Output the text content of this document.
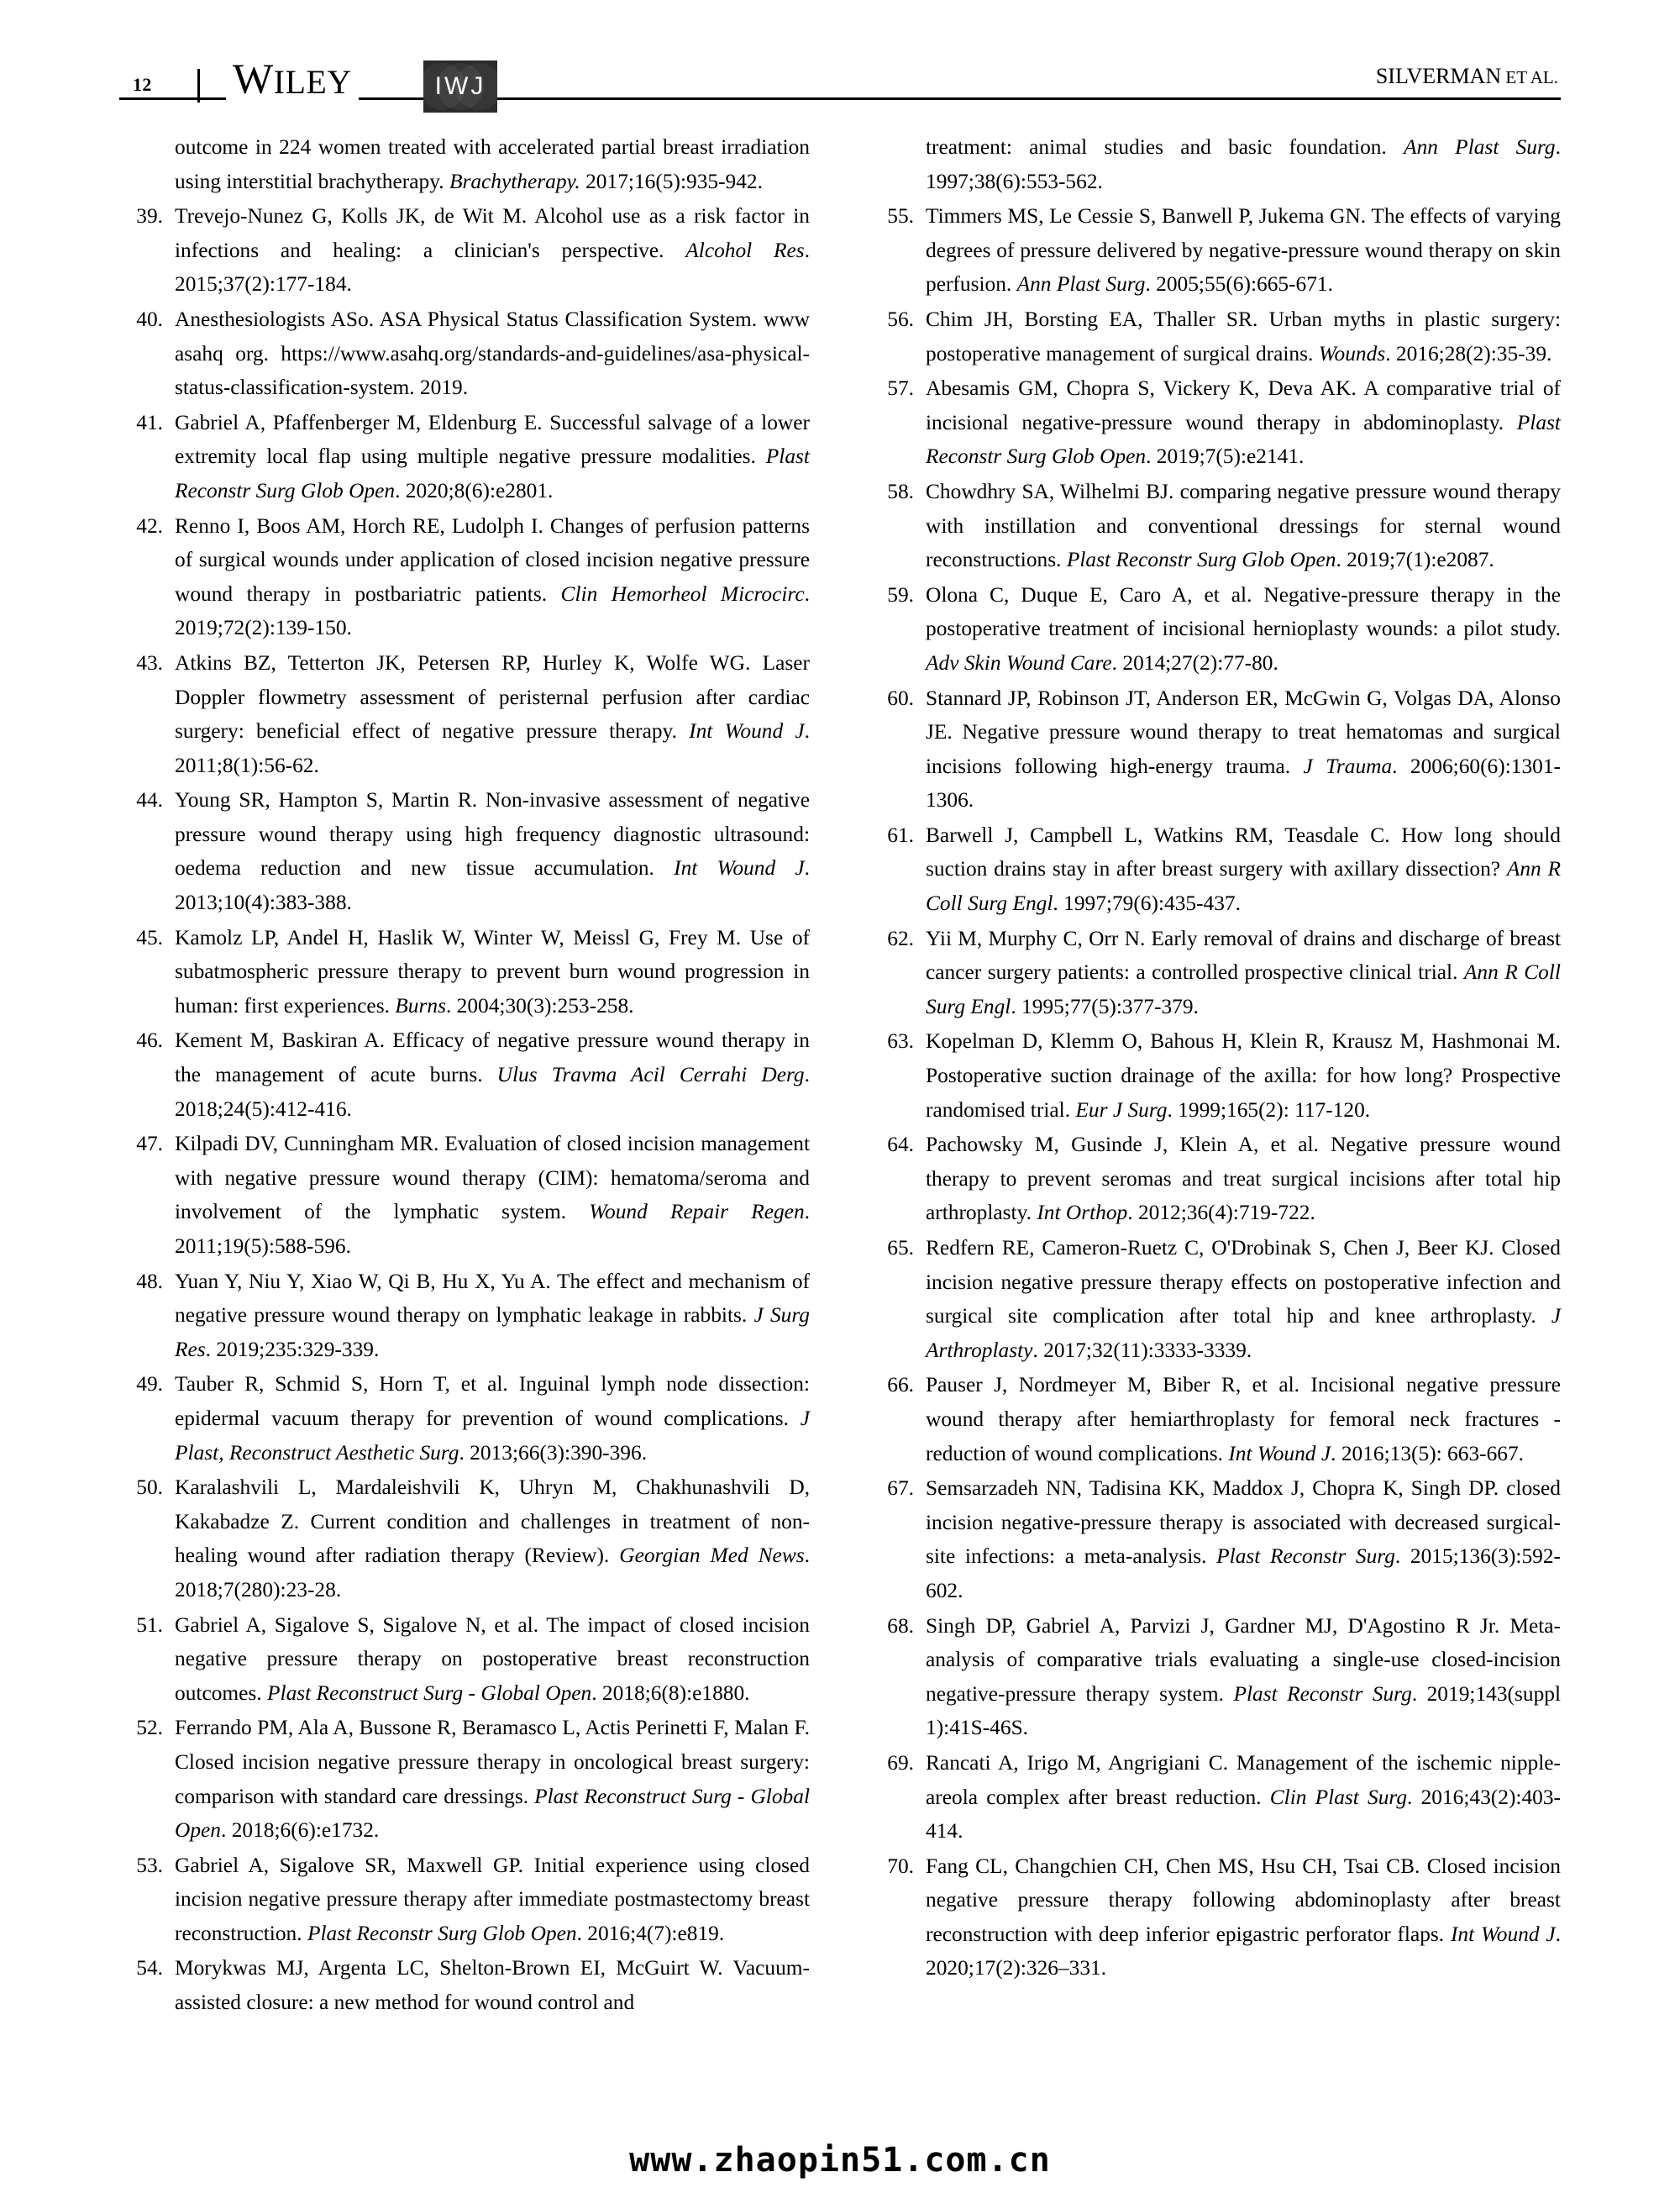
12 WILEY	IWJ	SILVERMAN ET AL.
outcome in 224 women treated with accelerated partial breast irradiation using interstitial brachytherapy. Brachytherapy. 2017;16(5):935-942.
39. Trevejo-Nunez G, Kolls JK, de Wit M. Alcohol use as a risk factor in infections and healing: a clinician's perspective. Alcohol Res. 2015;37(2):177-184.
40. Anesthesiologists ASo. ASA Physical Status Classification System. www asahq org. https://www.asahq.org/standards-and-guidelines/asa-physical-status-classification-system. 2019.
41. Gabriel A, Pfaffenberger M, Eldenburg E. Successful salvage of a lower extremity local flap using multiple negative pressure modalities. Plast Reconstr Surg Glob Open. 2020;8(6):e2801.
42. Renno I, Boos AM, Horch RE, Ludolph I. Changes of perfusion patterns of surgical wounds under application of closed incision negative pressure wound therapy in postbariatric patients. Clin Hemorheol Microcirc. 2019;72(2):139-150.
43. Atkins BZ, Tetterton JK, Petersen RP, Hurley K, Wolfe WG. Laser Doppler flowmetry assessment of peristernal perfusion after cardiac surgery: beneficial effect of negative pressure therapy. Int Wound J. 2011;8(1):56-62.
44. Young SR, Hampton S, Martin R. Non-invasive assessment of negative pressure wound therapy using high frequency diagnostic ultrasound: oedema reduction and new tissue accumulation. Int Wound J. 2013;10(4):383-388.
45. Kamolz LP, Andel H, Haslik W, Winter W, Meissl G, Frey M. Use of subatmospheric pressure therapy to prevent burn wound progression in human: first experiences. Burns. 2004;30(3):253-258.
46. Kement M, Baskiran A. Efficacy of negative pressure wound therapy in the management of acute burns. Ulus Travma Acil Cerrahi Derg. 2018;24(5):412-416.
47. Kilpadi DV, Cunningham MR. Evaluation of closed incision management with negative pressure wound therapy (CIM): hematoma/seroma and involvement of the lymphatic system. Wound Repair Regen. 2011;19(5):588-596.
48. Yuan Y, Niu Y, Xiao W, Qi B, Hu X, Yu A. The effect and mechanism of negative pressure wound therapy on lymphatic leakage in rabbits. J Surg Res. 2019;235:329-339.
49. Tauber R, Schmid S, Horn T, et al. Inguinal lymph node dissection: epidermal vacuum therapy for prevention of wound complications. J Plast, Reconstruct Aesthetic Surg. 2013;66(3):390-396.
50. Karalashvili L, Mardaleishvili K, Uhryn M, Chakhunashvili D, Kakabadze Z. Current condition and challenges in treatment of non-healing wound after radiation therapy (Review). Georgian Med News. 2018;7(280):23-28.
51. Gabriel A, Sigalove S, Sigalove N, et al. The impact of closed incision negative pressure therapy on postoperative breast reconstruction outcomes. Plast Reconstruct Surg - Global Open. 2018;6(8):e1880.
52. Ferrando PM, Ala A, Bussone R, Beramasco L, Actis Perinetti F, Malan F. Closed incision negative pressure therapy in oncological breast surgery: comparison with standard care dressings. Plast Reconstruct Surg - Global Open. 2018;6(6):e1732.
53. Gabriel A, Sigalove SR, Maxwell GP. Initial experience using closed incision negative pressure therapy after immediate postmastectomy breast reconstruction. Plast Reconstr Surg Glob Open. 2016;4(7):e819.
54. Morykwas MJ, Argenta LC, Shelton-Brown EI, McGuirt W. Vacuum-assisted closure: a new method for wound control and
treatment: animal studies and basic foundation. Ann Plast Surg. 1997;38(6):553-562.
55. Timmers MS, Le Cessie S, Banwell P, Jukema GN. The effects of varying degrees of pressure delivered by negative-pressure wound therapy on skin perfusion. Ann Plast Surg. 2005;55(6):665-671.
56. Chim JH, Borsting EA, Thaller SR. Urban myths in plastic surgery: postoperative management of surgical drains. Wounds. 2016;28(2):35-39.
57. Abesamis GM, Chopra S, Vickery K, Deva AK. A comparative trial of incisional negative-pressure wound therapy in abdominoplasty. Plast Reconstr Surg Glob Open. 2019;7(5):e2141.
58. Chowdhry SA, Wilhelmi BJ. comparing negative pressure wound therapy with instillation and conventional dressings for sternal wound reconstructions. Plast Reconstr Surg Glob Open. 2019;7(1):e2087.
59. Olona C, Duque E, Caro A, et al. Negative-pressure therapy in the postoperative treatment of incisional hernioplasty wounds: a pilot study. Adv Skin Wound Care. 2014;27(2):77-80.
60. Stannard JP, Robinson JT, Anderson ER, McGwin G, Volgas DA, Alonso JE. Negative pressure wound therapy to treat hematomas and surgical incisions following high-energy trauma. J Trauma. 2006;60(6):1301-1306.
61. Barwell J, Campbell L, Watkins RM, Teasdale C. How long should suction drains stay in after breast surgery with axillary dissection? Ann R Coll Surg Engl. 1997;79(6):435-437.
62. Yii M, Murphy C, Orr N. Early removal of drains and discharge of breast cancer surgery patients: a controlled prospective clinical trial. Ann R Coll Surg Engl. 1995;77(5):377-379.
63. Kopelman D, Klemm O, Bahous H, Klein R, Krausz M, Hashmonai M. Postoperative suction drainage of the axilla: for how long? Prospective randomised trial. Eur J Surg. 1999;165(2): 117-120.
64. Pachowsky M, Gusinde J, Klein A, et al. Negative pressure wound therapy to prevent seromas and treat surgical incisions after total hip arthroplasty. Int Orthop. 2012;36(4):719-722.
65. Redfern RE, Cameron-Ruetz C, O'Drobinak S, Chen J, Beer KJ. Closed incision negative pressure therapy effects on postoperative infection and surgical site complication after total hip and knee arthroplasty. J Arthroplasty. 2017;32(11):3333-3339.
66. Pauser J, Nordmeyer M, Biber R, et al. Incisional negative pressure wound therapy after hemiarthroplasty for femoral neck fractures - reduction of wound complications. Int Wound J. 2016;13(5): 663-667.
67. Semsarzadeh NN, Tadisina KK, Maddox J, Chopra K, Singh DP. closed incision negative-pressure therapy is associated with decreased surgical-site infections: a meta-analysis. Plast Reconstr Surg. 2015;136(3):592-602.
68. Singh DP, Gabriel A, Parvizi J, Gardner MJ, D'Agostino R Jr. Meta-analysis of comparative trials evaluating a single-use closed-incision negative-pressure therapy system. Plast Reconstr Surg. 2019;143(suppl 1):41S-46S.
69. Rancati A, Irigo M, Angrigiani C. Management of the ischemic nipple-areola complex after breast reduction. Clin Plast Surg. 2016;43(2):403-414.
70. Fang CL, Changchien CH, Chen MS, Hsu CH, Tsai CB. Closed incision negative pressure therapy following abdominoplasty after breast reconstruction with deep inferior epigastric perforator flaps. Int Wound J. 2020;17(2):326–331.
www.zhaopin51.com.cn
